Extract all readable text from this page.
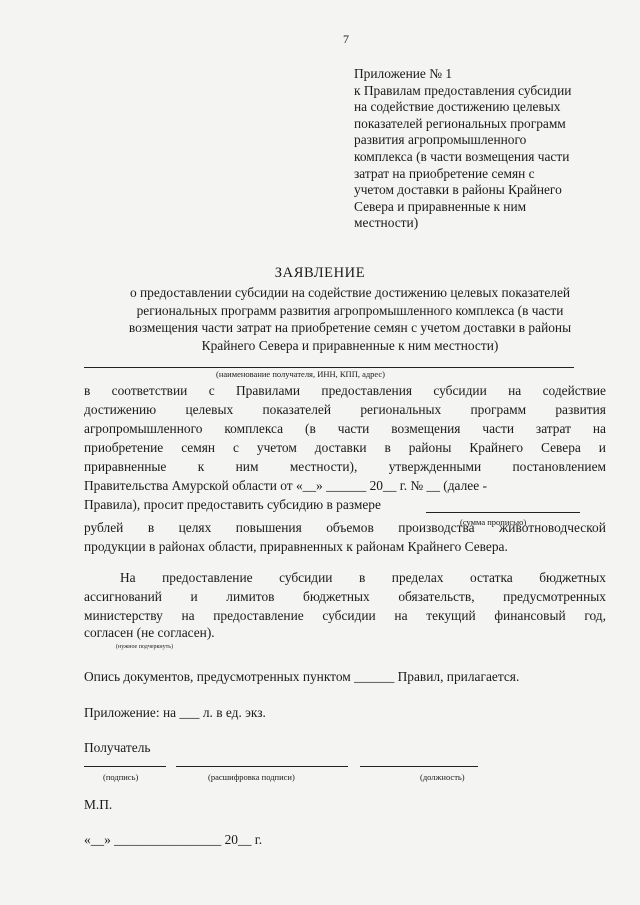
7
Приложение № 1
к Правилам предоставления субсидии
на содействие достижению целевых
показателей региональных программ
развития агропромышленного
комплекса (в части возмещения части
затрат на приобретение семян с
учетом доставки в районы Крайнего
Севера и приравненные к ним
местности)
ЗАЯВЛЕНИЕ
о предоставлении субсидии на содействие достижению целевых показателей
региональных программ развития агропромышленного комплекса (в части
возмещения части затрат на приобретение семян с учетом доставки в районы
Крайнего Севера и приравненные к ним местности)
(наименование получателя, ИНН, КПП, адрес)
в соответствии с Правилами предоставления субсидии на содействие
достижению целевых показателей региональных программ развития
агропромышленного комплекса (в части возмещения части затрат на
приобретение семян с учетом доставки в районы Крайнего Севера и
приравненные к ним местности), утвержденными постановлением
Правительства Амурской области от «__» ______ 20__ г. № __ (далее -
Правила), просит предоставить субсидию в размере
(сумма прописью)
рублей в целях повышения объемов производства животноводческой
продукции в районах области, приравненных к районам Крайнего Севера.
На предоставление субсидии в пределах остатка бюджетных
ассигнований и лимитов бюджетных обязательств, предусмотренных
министерству на предоставление субсидии на текущий финансовый год,
согласен (не согласен).
(нужное подчеркнуть)
Опись документов, предусмотренных пунктом ______ Правил, прилагается.
Приложение: на ___ л. в ед. экз.
Получатель
(подпись)	(расшифровка подписи)	(должность)
М.П.
«__» ________________ 20__ г.
